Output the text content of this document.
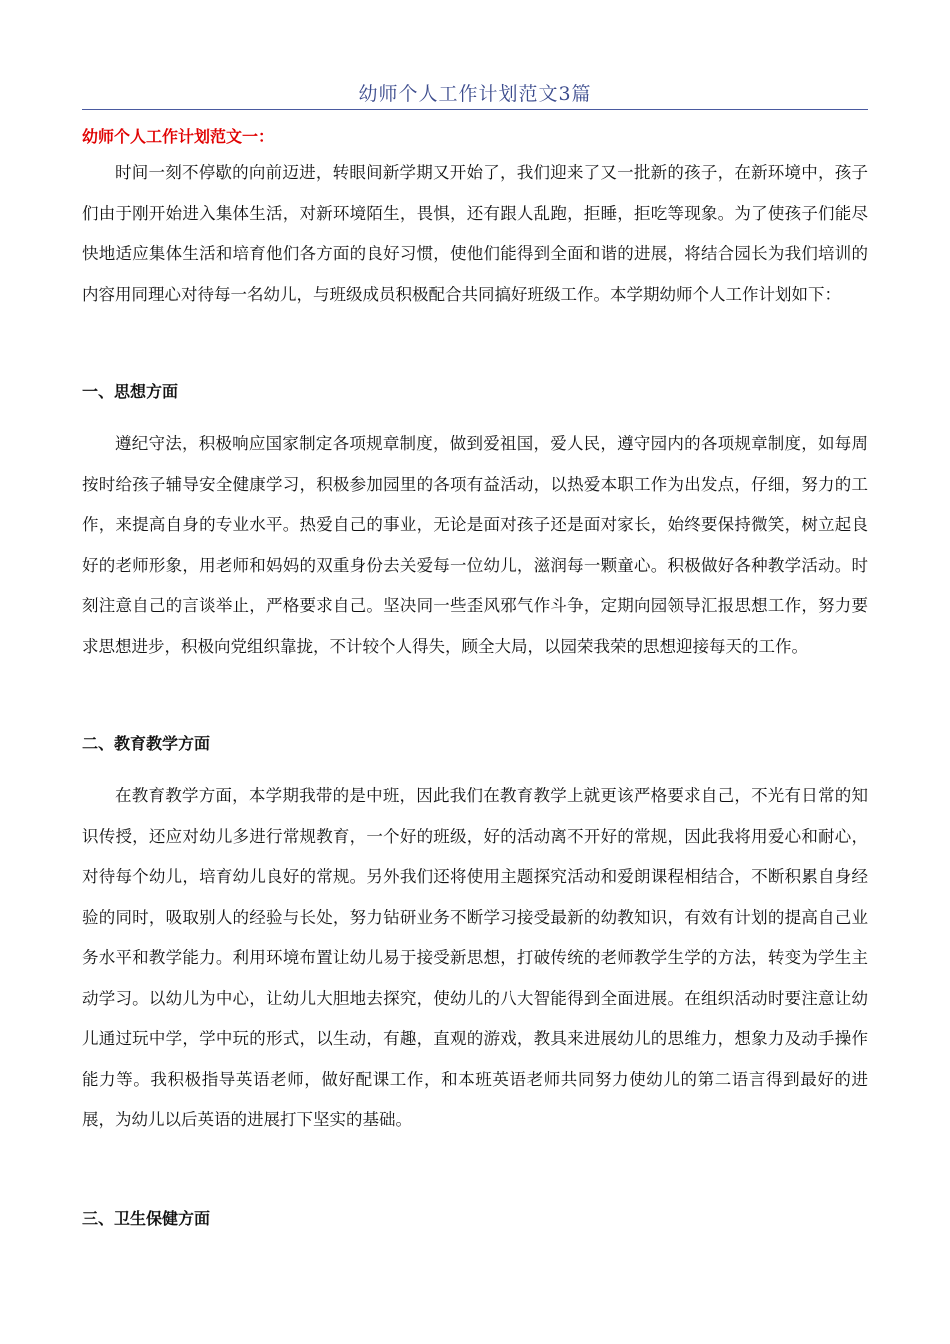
幼师个人工作计划范文3篇
幼师个人工作计划范文一：

时间一刻不停歇的向前迈进，转眼间新学期又开始了，我们迎来了又一批新的孩子，在新环境中，孩子们由于刚开始进入集体生活，对新环境陌生，畏惧，还有跟人乱跑，拒睡，拒吃等现象。为了使孩子们能尽快地适应集体生活和培育他们各方面的良好习惯，使他们能得到全面和谐的进展，将结合园长为我们培训的内容用同理心对待每一名幼儿，与班级成员积极配合共同搞好班级工作。本学期幼师个人工作计划如下：

一、思想方面

遵纪守法，积极响应国家制定各项规章制度，做到爱祖国，爱人民，遵守园内的各项规章制度，如每周按时给孩子辅导安全健康学习，积极参加园里的各项有益活动，以热爱本职工作为出发点，仔细，努力的工作，来提高自身的专业水平。热爱自己的事业，无论是面对孩子还是面对家长，始终要保持微笑，树立起良好的老师形象，用老师和妈妈的双重身份去关爱每一位幼儿，滋润每一颗童心。积极做好各种教学活动。时刻注意自己的言谈举止，严格要求自己。坚决同一些歪风邪气作斗争，定期向园领导汇报思想工作，努力要求思想进步，积极向党组织靠拢，不计较个人得失，顾全大局，以园荣我荣的思想迎接每天的工作。

二、教育教学方面

在教育教学方面，本学期我带的是中班，因此我们在教育教学上就更该严格要求自己，不光有日常的知识传授，还应对幼儿多进行常规教育，一个好的班级，好的活动离不开好的常规，因此我将用爱心和耐心，对待每个幼儿，培育幼儿良好的常规。另外我们还将使用主题探究活动和爱朗课程相结合，不断积累自身经验的同时，吸取别人的经验与长处，努力钻研业务不断学习接受最新的幼教知识，有效有计划的提高自己业务水平和教学能力。利用环境布置让幼儿易于接受新思想，打破传统的老师教学生学的方法，转变为学生主动学习。以幼儿为中心，让幼儿大胆地去探究，使幼儿的八大智能得到全面进展。在组织活动时要注意让幼儿通过玩中学，学中玩的形式，以生动，有趣，直观的游戏，教具来进展幼儿的思维力，想象力及动手操作能力等。我积极指导英语老师，做好配课工作，和本班英语老师共同努力使幼儿的第二语言得到最好的进展，为幼儿以后英语的进展打下坚实的基础。

三、卫生保健方面
